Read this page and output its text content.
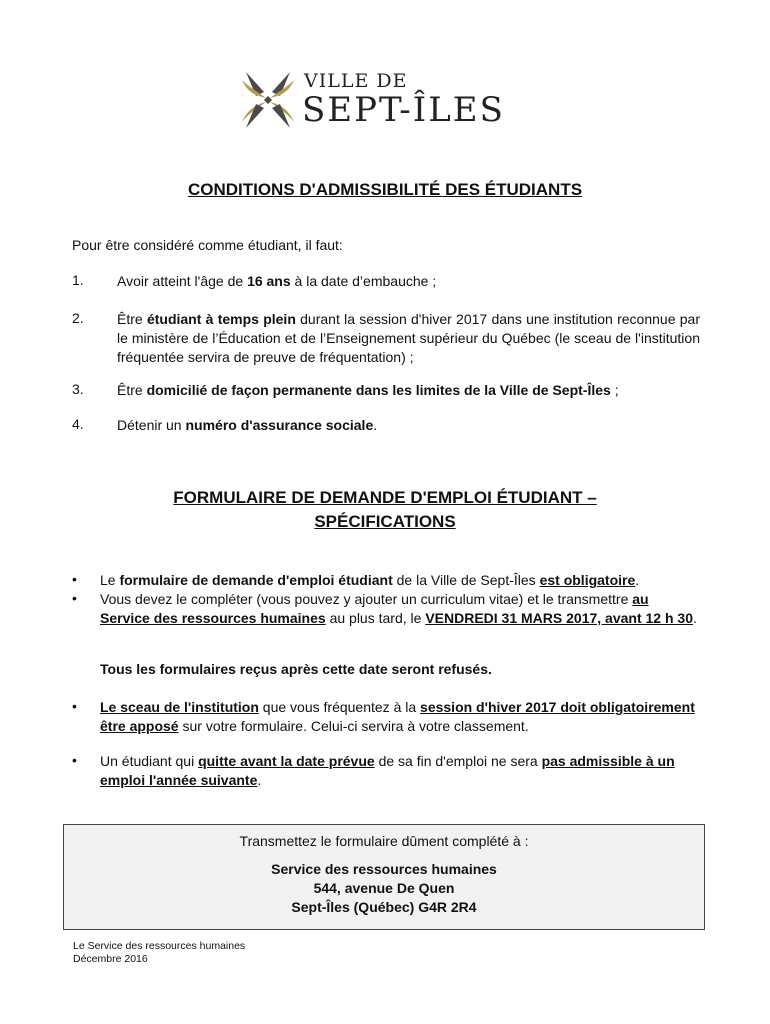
VILLE DE
SEPT-ÎLES
CONDITIONS D'ADMISSIBILITÉ DES ÉTUDIANTS
Pour être considéré comme étudiant, il faut:
1. Avoir atteint l'âge de 16 ans à la date d’embauche ;
2. Être étudiant à temps plein durant la session d'hiver 2017 dans une institution reconnue par le ministère de l’Éducation et de l’Enseignement supérieur du Québec (le sceau de l'institution fréquentée servira de preuve de fréquentation) ;
3. Être domicilié de façon permanente dans les limites de la Ville de Sept-Îles ;
4. Détenir un numéro d'assurance sociale.
FORMULAIRE DE DEMANDE D'EMPLOI ÉTUDIANT –
SPÉCIFICATIONS
• Le formulaire de demande d'emploi étudiant de la Ville de Sept-Îles est obligatoire.
• Vous devez le compléter (vous pouvez y ajouter un curriculum vitae) et le transmettre au Service des ressources humaines au plus tard, le VENDREDI 31 MARS 2017, avant 12 h 30.
Tous les formulaires reçus après cette date seront refusés.
• Le sceau de l'institution que vous fréquentez à la session d'hiver 2017 doit obligatoirement être apposé sur votre formulaire. Celui-ci servira à votre classement.
• Un étudiant qui quitte avant la date prévue de sa fin d'emploi ne sera pas admissible à un emploi l'année suivante.
Transmettez le formulaire dûment complété à :
Service des ressources humaines
544, avenue De Quen
Sept-Îles (Québec) G4R 2R4
Le Service des ressources humaines
Décembre 2016
